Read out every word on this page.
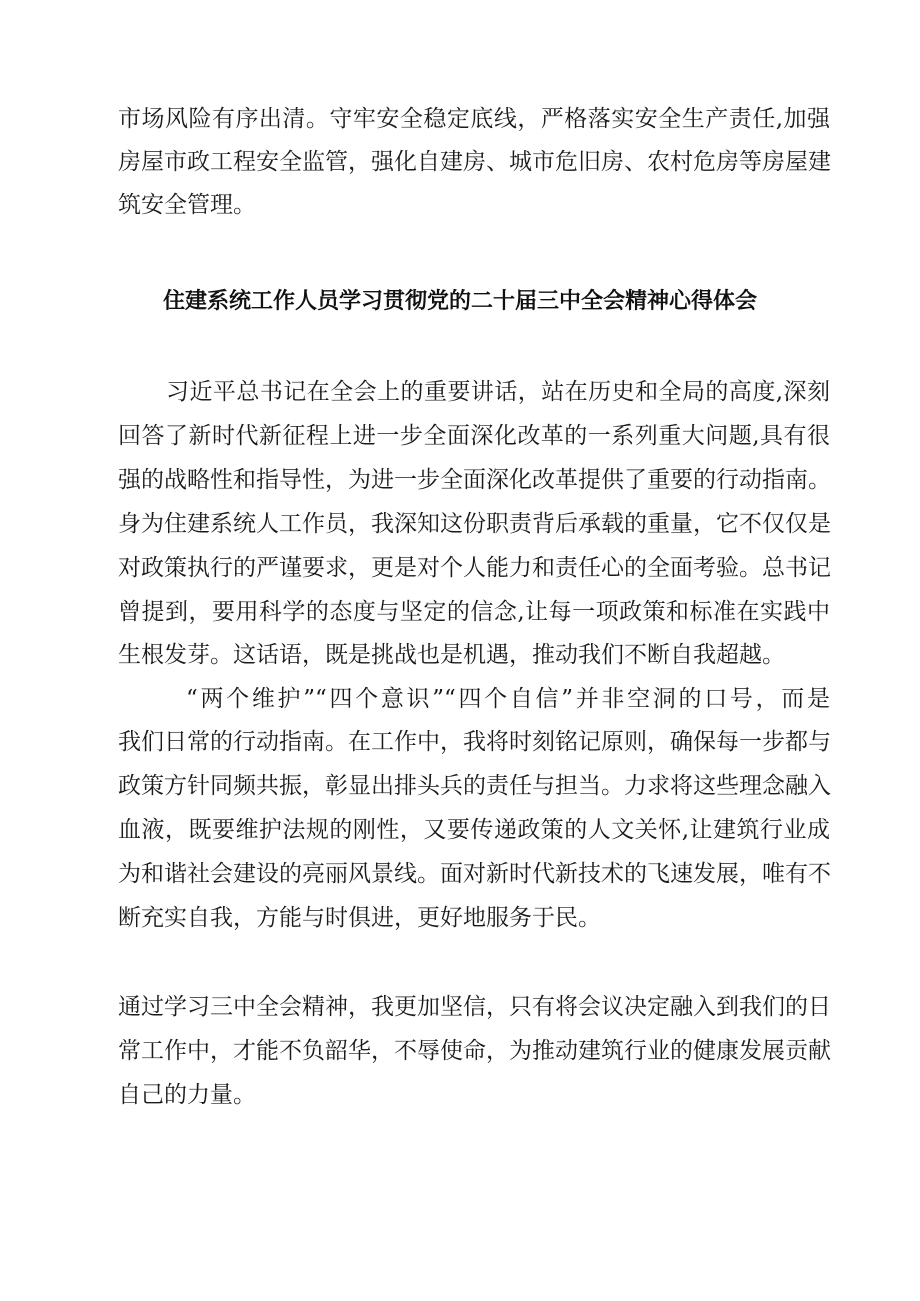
市场风险有序出清。守牢安全稳定底线，严格落实安全生产责任,加强
房屋市政工程安全监管，强化自建房、城市危旧房、农村危房等房屋建
筑安全管理。
住建系统工作人员学习贯彻党的二十届三中全会精神心得体会
习近平总书记在全会上的重要讲话，站在历史和全局的高度,深刻
回答了新时代新征程上进一步全面深化改革的一系列重大问题,具有很
强的战略性和指导性，为进一步全面深化改革提供了重要的行动指南。
身为住建系统人工作员，我深知这份职责背后承载的重量，它不仅仅是
对政策执行的严谨要求，更是对个人能力和责任心的全面考验。总书记
曾提到，要用科学的态度与坚定的信念,让每一项政策和标准在实践中
生根发芽。这话语，既是挑战也是机遇，推动我们不断自我超越。
“两个维护”“四个意识”“四个自信”并非空洞的口号，而是
我们日常的行动指南。在工作中，我将时刻铭记原则，确保每一步都与
政策方针同频共振，彰显出排头兵的责任与担当。力求将这些理念融入
血液，既要维护法规的刚性，又要传递政策的人文关怀,让建筑行业成
为和谐社会建设的亮丽风景线。面对新时代新技术的飞速发展，唯有不
断充实自我，方能与时俱进，更好地服务于民。
通过学习三中全会精神，我更加坚信，只有将会议决定融入到我们的日
常工作中，才能不负韶华，不辱使命，为推动建筑行业的健康发展贡献
自己的力量。
